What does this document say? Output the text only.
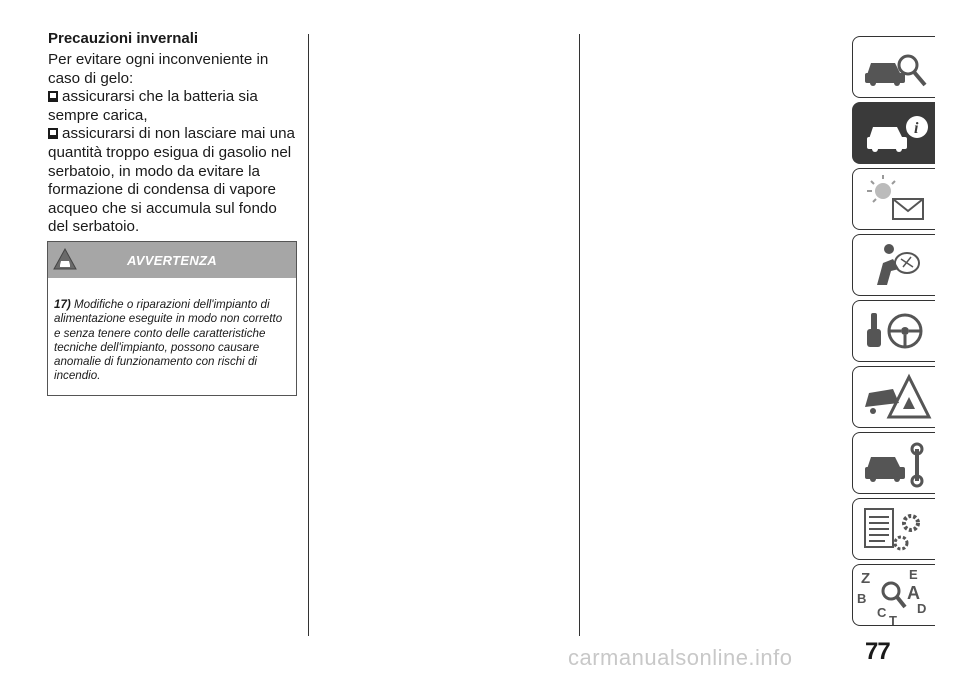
Precauzioni invernali

Per evitare ogni inconveniente in caso di gelo:

assicurarsi che la batteria sia sempre carica,

assicurarsi di non lasciare mai una quantità troppo esigua di gasolio nel serbatoio, in modo da evitare la formazione di condensa di vapore acqueo che si accumula sul fondo del serbatoio.

AVVERTENZA
17) Modifiche o riparazioni dell'impianto di alimentazione eseguite in modo non corretto e senza tenere conto delle caratteristiche tecniche dell'impianto, possono causare anomalie di funzionamento con rischi di incendio.
i
Z	E
A
B
C D
T
77
carmanualsonline.info
